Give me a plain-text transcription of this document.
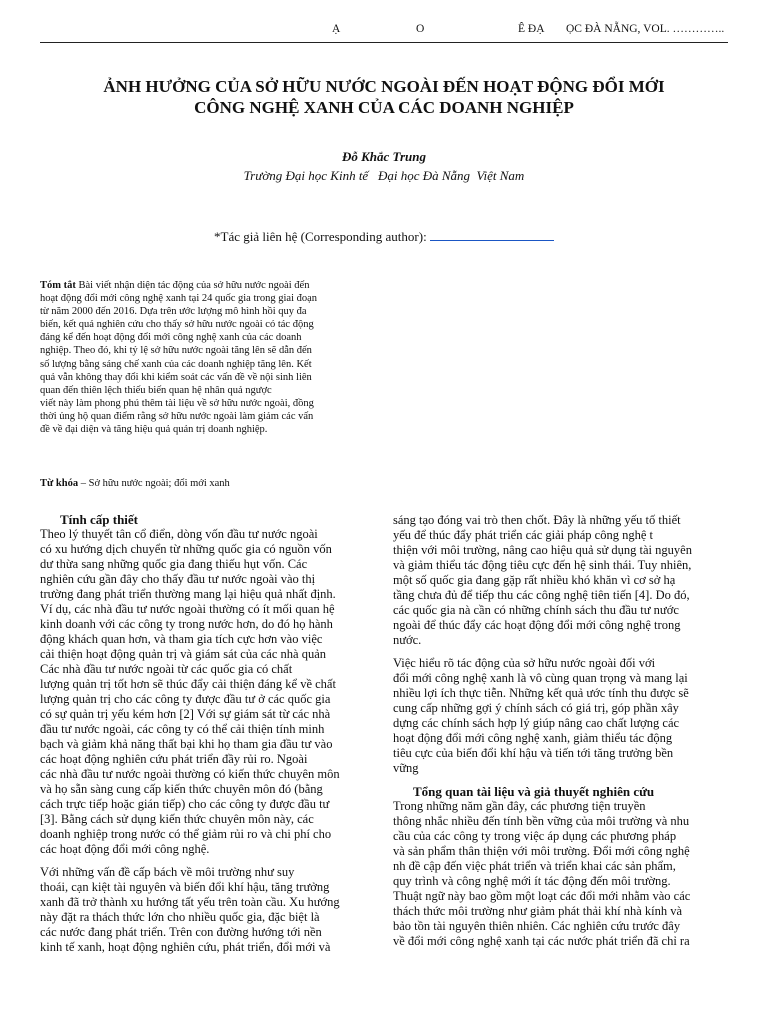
Ạ	O	Ê ĐẠ ỌC ĐÀ NẴNG, VOL. …………..
ẢNH HƯỞNG CỦA SỞ HỮU NƯỚC NGOÀI ĐẾN HOẠT ĐỘNG ĐỔI MỚI
CÔNG NGHỆ XANH CỦA CÁC DOANH NGHIỆP
Đỗ Khắc Trung
Trường Đại học Kinh tế   Đại học Đà Nẵng  Việt Nam
*Tác giả liên hệ (Corresponding author):
Tóm tắt Bài viết nhận diện tác động của sở hữu nước ngoài đến
hoạt động đổi mới công nghệ xanh tại 24 quốc gia trong giai đoạn
từ năm 2000 đến 2016. Dựa trên ước lượng mô hình hồi quy đa
biến, kết quả nghiên cứu cho thấy sở hữu nước ngoài có tác động
đáng kể đến hoạt động đổi mới công nghệ xanh của các doanh
nghiệp. Theo đó, khi tỷ lệ sở hữu nước ngoài tăng lên sẽ dẫn đến
số lượng bằng sáng chế xanh của các doanh nghiệp tăng lên. Kết
quả vẫn không thay đổi khi kiểm soát các vấn đề về nội sinh liên
quan đến thiên lệch thiếu biến quan hệ nhân quả ngược
viết này làm phong phú thêm tài liệu về sở hữu nước ngoài, đồng
thời ủng hộ quan điểm rằng sở hữu nước ngoài làm giảm các vấn
đề về đại diện và tăng hiệu quả quản trị doanh nghiệp.
Từ khóa – Sở hữu nước ngoài; đổi mới xanh
Tính cấp thiết
Theo lý thuyết tân cổ điển, dòng vốn đầu tư nước ngoài
có xu hướng dịch chuyển từ những quốc gia có nguồn vốn
dư thừa sang những quốc gia đang thiếu hụt vốn. Các
nghiên cứu gần đây cho thấy đầu tư nước ngoài vào thị
trường đang phát triển thường mang lại hiệu quả nhất định.
Ví dụ, các nhà đầu tư nước ngoài thường có ít mối quan hệ
kinh doanh với các công ty trong nước hơn, do đó họ hành
động khách quan hơn, và tham gia tích cực hơn vào việc
cải thiện hoạt động quản trị và giám sát của các nhà quản
Các nhà đầu tư nước ngoài từ các quốc gia có chất
lượng quản trị tốt hơn sẽ thúc đẩy cải thiện đáng kể về chất
lượng quản trị cho các công ty được đầu tư ở các quốc gia
có sự quản trị yếu kém hơn [2] Với sự giám sát từ các nhà
đầu tư nước ngoài, các công ty có thể cải thiện tính minh
bạch và giảm khả năng thất bại khi họ tham gia đầu tư vào
các hoạt động nghiên cứu phát triển đầy rủi ro. Ngoài
các nhà đầu tư nước ngoài thường có kiến thức chuyên môn
và họ sẵn sàng cung cấp kiến thức chuyên môn đó (bằng
cách trực tiếp hoặc gián tiếp) cho các công ty được đầu tư
[3]. Bằng cách sử dụng kiến thức chuyên môn này, các
doanh nghiệp trong nước có thể giảm rủi ro và chi phí cho
các hoạt động đổi mới công nghệ.
Với những vấn đề cấp bách về môi trường như suy
thoái, cạn kiệt tài nguyên và biến đổi khí hậu, tăng trưởng
xanh đã trở thành xu hướng tất yếu trên toàn cầu. Xu hướng
này đặt ra thách thức lớn cho nhiều quốc gia, đặc biệt là
các nước đang phát triển. Trên con đường hướng tới nền
kinh tế xanh, hoạt động nghiên cứu, phát triển, đổi mới và
sáng tạo đóng vai trò then chốt. Đây là những yếu tố thiết
yếu để thúc đẩy phát triển các giải pháp công nghệ t
thiện với môi trường, nâng cao hiệu quả sử dụng tài nguyên
và giảm thiểu tác động tiêu cực đến hệ sinh thái. Tuy nhiên,
một số quốc gia đang gặp rất nhiều khó khăn vì cơ sở hạ
tầng chưa đủ để tiếp thu các công nghệ tiên tiến [4]. Do đó,
các quốc gia nà cần có những chính sách thu đầu tư nước
ngoài để thúc đẩy các hoạt động đổi mới công nghệ trong
nước.
Việc hiểu rõ tác động của sở hữu nước ngoài đối với
đổi mới công nghệ xanh là vô cùng quan trọng và mang lại
nhiều lợi ích thực tiễn. Những kết quả ước tính thu được sẽ
cung cấp những gợi ý chính sách có giá trị, góp phần xây
dựng các chính sách hợp lý giúp nâng cao chất lượng các
hoạt động đổi mới công nghệ xanh, giảm thiểu tác động
tiêu cực của biến đổi khí hậu và tiến tới tăng trưởng bền
vững
Tổng quan tài liệu và giả thuyết nghiên cứu
Trong những năm gần đây, các phương tiện truyền
thông nhắc nhiều đến tính bền vững của môi trường và nhu
cầu của các công ty trong việc áp dụng các phương pháp
và sản phẩm thân thiện với môi trường. Đổi mới công nghệ
nh đề cập đến việc phát triển và triển khai các sản phẩm,
quy trình và công nghệ mới ít tác động đến môi trường.
Thuật ngữ này bao gồm một loạt các đổi mới nhằm vào các
thách thức môi trường như giảm phát thải khí nhà kính và
bảo tồn tài nguyên thiên nhiên. Các nghiên cứu trước đây
về đổi mới công nghệ xanh tại các nước phát triển đã chỉ ra
